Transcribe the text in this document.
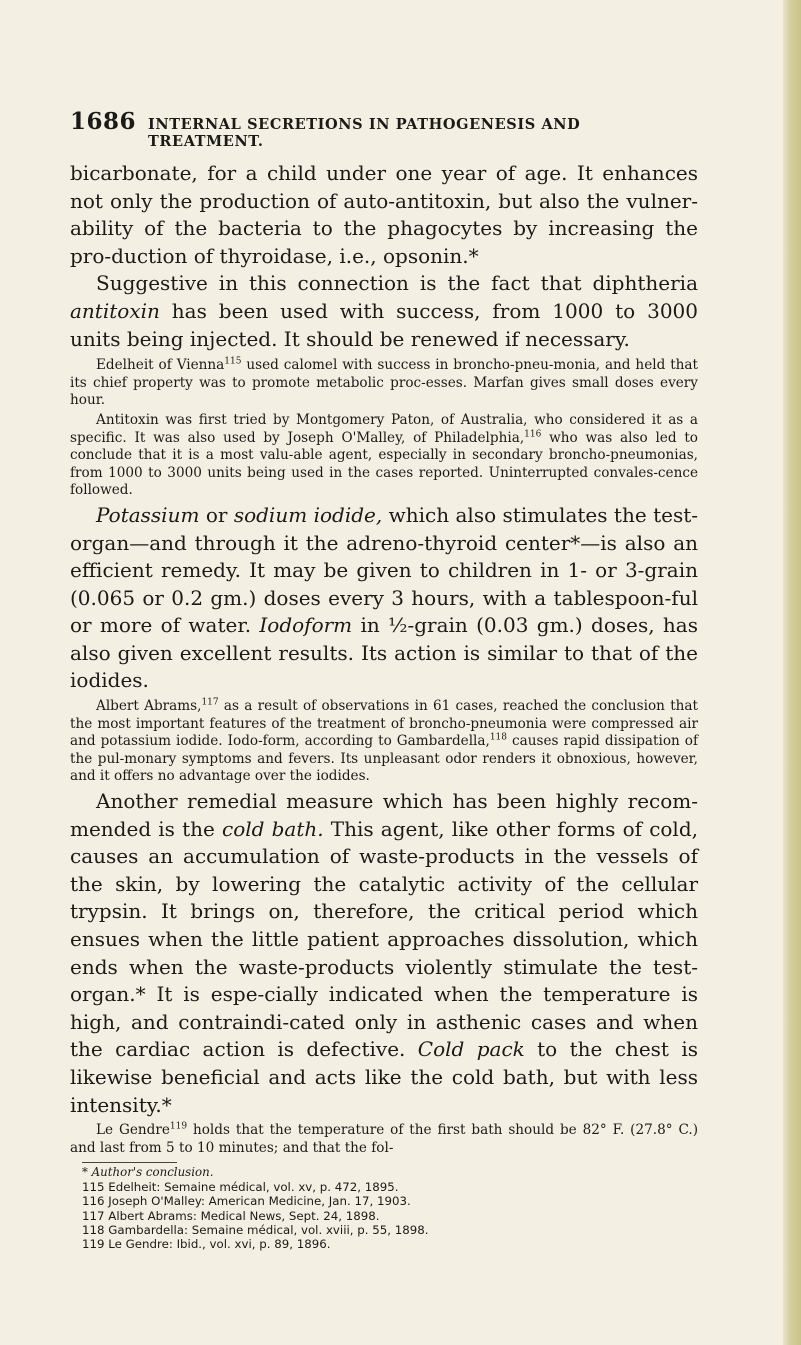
1686 INTERNAL SECRETIONS IN PATHOGENESIS AND TREATMENT.

bicarbonate, for a child under one year of age. It enhances not only the production of auto-antitoxin, but also the vulner-ability of the bacteria to the phagocytes by increasing the pro-duction of thyroidase, i.e., opsonin.*

Suggestive in this connection is the fact that diphtheria antitoxin has been used with success, from 1000 to 3000 units being injected. It should be renewed if necessary.

Edelheit of Vienna$^{115}$ used calomel with success in broncho-pneu-monia, and held that its chief property was to promote metabolic proc-esses. Marfan gives small doses every hour.

Antitoxin was first tried by Montgomery Paton, of Australia, who considered it as a specific. It was also used by Joseph O'Malley, of Philadelphia,$^{116}$ who was also led to conclude that it is a most valu-able agent, especially in secondary broncho-pneumonias, from 1000 to 3000 units being used in the cases reported. Uninterrupted convales-cence followed.

Potassium or sodium iodide, which also stimulates the test-organ—and through it the adreno-thyroid center*—is also an efficient remedy. It may be given to children in 1- or 3-grain (0.065 or 0.2 gm.) doses every 3 hours, with a tablespoon-ful or more of water. Iodoform in ½-grain (0.03 gm.) doses, has also given excellent results. Its action is similar to that of the iodides.

Albert Abrams,$^{117}$ as a result of observations in 61 cases, reached the conclusion that the most important features of the treatment of broncho-pneumonia were compressed air and potassium iodide. Iodo-form, according to Gambardella,$^{118}$ causes rapid dissipation of the pul-monary symptoms and fevers. Its unpleasant odor renders it obnoxious, however, and it offers no advantage over the iodides.

Another remedial measure which has been highly recom-mended is the cold bath. This agent, like other forms of cold, causes an accumulation of waste-products in the vessels of the skin, by lowering the catalytic activity of the cellular trypsin. It brings on, therefore, the critical period which ensues when the little patient approaches dissolution, which ends when the waste-products violently stimulate the test-organ.* It is espe-cially indicated when the temperature is high, and contraindi-cated only in asthenic cases and when the cardiac action is defective. Cold pack to the chest is likewise beneficial and acts like the cold bath, but with less intensity.*

Le Gendre$^{119}$ holds that the temperature of the first bath should be 82° F. (27.8° C.) and last from 5 to 10 minutes; and that the fol-

* Author's conclusion.
115 Edelheit: Semaine médical, vol. xv, p. 472, 1895.
116 Joseph O'Malley: American Medicine, Jan. 17, 1903.
117 Albert Abrams: Medical News, Sept. 24, 1898.
118 Gambardella: Semaine médical, vol. xviii, p. 55, 1898.
119 Le Gendre: Ibid., vol. xvi, p. 89, 1896.
